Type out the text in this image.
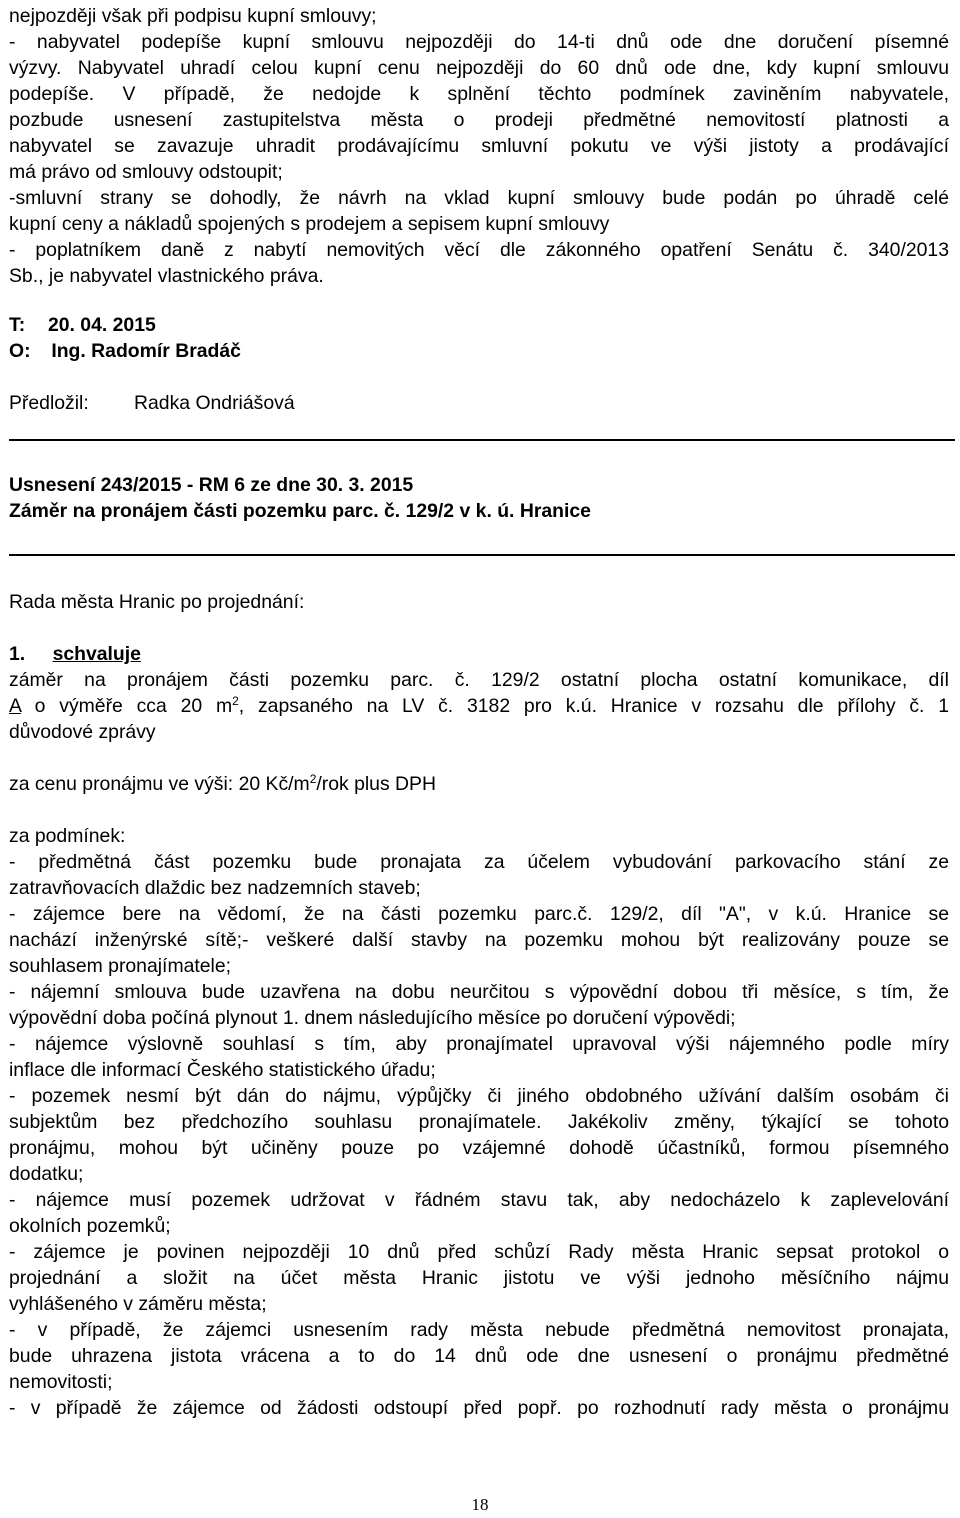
nejpozději však při podpisu kupní smlouvy;

- nabyvatel podepíše kupní smlouvu nejpozději do 14-ti dnů ode dne doručení písemné

výzvy. Nabyvatel uhradí celou kupní cenu nejpozději do 60 dnů ode dne, kdy kupní smlouvu

podepíše. V případě, že nedojde k splnění těchto podmínek zaviněním nabyvatele,

pozbude usnesení zastupitelstva města o prodeji předmětné nemovitostí platnosti a

nabyvatel se zavazuje uhradit prodávajícímu smluvní pokutu ve výši jistoty a prodávající

má právo od smlouvy odstoupit;

-smluvní strany se dohodly, že návrh na vklad kupní smlouvy bude podán po úhradě celé

kupní ceny a nákladů spojených s prodejem a sepisem kupní smlouvy

- poplatníkem daně z nabytí nemovitých věcí dle zákonného opatření Senátu č. 340/2013

Sb., je nabyvatel vlastnického práva.

T: 20. 04. 2015
O: Ing. Radomír Bradáč
Předložil: Radka Ondriášová

Usnesení 243/2015 - RM 6 ze dne 30. 3. 2015

Záměr na pronájem části pozemku parc. č. 129/2 v k. ú. Hranice

Rada města Hranic po projednání:

1. schvaluje

záměr na pronájem části pozemku parc. č. 129/2 ostatní plocha ostatní komunikace, díl

A o výměře cca 20 $m^2$, zapsaného na LV č. 3182 pro k.ú. Hranice v rozsahu dle přílohy č. 1

důvodové zprávy

za cenu pronájmu ve výši: 20 $Kč/m^2$/rok plus DPH

za podmínek:

- předmětná část pozemku bude pronajata za účelem vybudování parkovacího stání ze

zatravňovacích dlaždic bez nadzemních staveb;

- zájemce bere na vědomí, že na části pozemku parc.č. 129/2, díl "A", v k.ú. Hranice se

nachází inženýrské sítě;- veškeré další stavby na pozemku mohou být realizovány pouze se

souhlasem pronajímatele;

- nájemní smlouva bude uzavřena na dobu neurčitou s výpovědní dobou tři měsíce, s tím, že

výpovědní doba počíná plynout 1. dnem následujícího měsíce po doručení výpovědi;

- nájemce výslovně souhlasí s tím, aby pronajímatel upravoval výši nájemného podle míry

inflace dle informací Českého statistického úřadu;

- pozemek nesmí být dán do nájmu, výpůjčky či jiného obdobného užívání dalším osobám či

subjektům bez předchozího souhlasu pronajímatele. Jakékoliv změny, týkající se tohoto

pronájmu, mohou být učiněny pouze po vzájemné dohodě účastníků, formou písemného

dodatku;

- nájemce musí pozemek udržovat v řádném stavu tak, aby nedocházelo k zaplevelování

okolních pozemků;

- zájemce je povinen nejpozději 10 dnů před schůzí Rady města Hranic sepsat protokol o

projednání a složit na účet města Hranic jistotu ve výši jednoho měsíčního nájmu

vyhlášeného v záměru města;

- v případě, že zájemci usnesením rady města nebude předmětná nemovitost pronajata,

bude uhrazena jistota vrácena a to do 14 dnů ode dne usnesení o pronájmu předmětné

nemovitosti;

- v případě že zájemce od žádosti odstoupí před popř. po rozhodnutí rady města o pronájmu

18
